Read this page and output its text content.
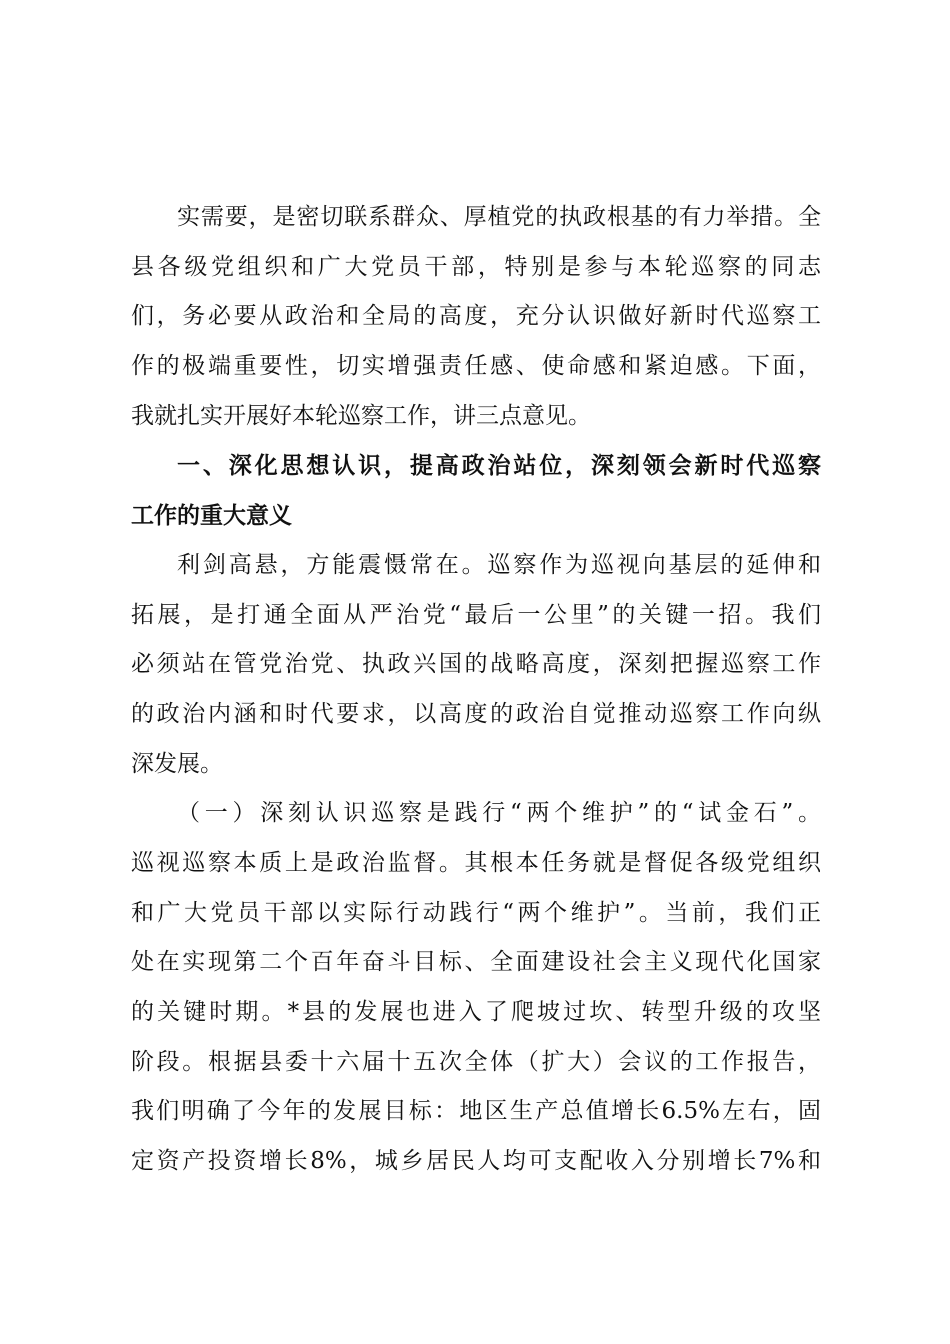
实需要，是密切联系群众、厚植党的执政根基的有力举措。全
县各级党组织和广大党员干部，特别是参与本轮巡察的同志
们，务必要从政治和全局的高度，充分认识做好新时代巡察工
作的极端重要性，切实增强责任感、使命感和紧迫感。下面，
我就扎实开展好本轮巡察工作，讲三点意见。
一、深化思想认识，提高政治站位，深刻领会新时代巡察
工作的重大意义
利剑高悬，方能震慑常在。巡察作为巡视向基层的延伸和
拓展，是打通全面从严治党“最后一公里”的关键一招。我们
必须站在管党治党、执政兴国的战略高度，深刻把握巡察工作
的政治内涵和时代要求，以高度的政治自觉推动巡察工作向纵
深发展。
（一）深刻认识巡察是践行“两个维护”的“试金石”。
巡视巡察本质上是政治监督。其根本任务就是督促各级党组织
和广大党员干部以实际行动践行“两个维护”。当前，我们正
处在实现第二个百年奋斗目标、全面建设社会主义现代化国家
的关键时期。*县的发展也进入了爬坡过坎、转型升级的攻坚
阶段。根据县委十六届十五次全体（扩大）会议的工作报告，
我们明确了今年的发展目标：地区生产总值增长6.5%左右，固
定资产投资增长8%，城乡居民人均可支配收入分别增长7%和
